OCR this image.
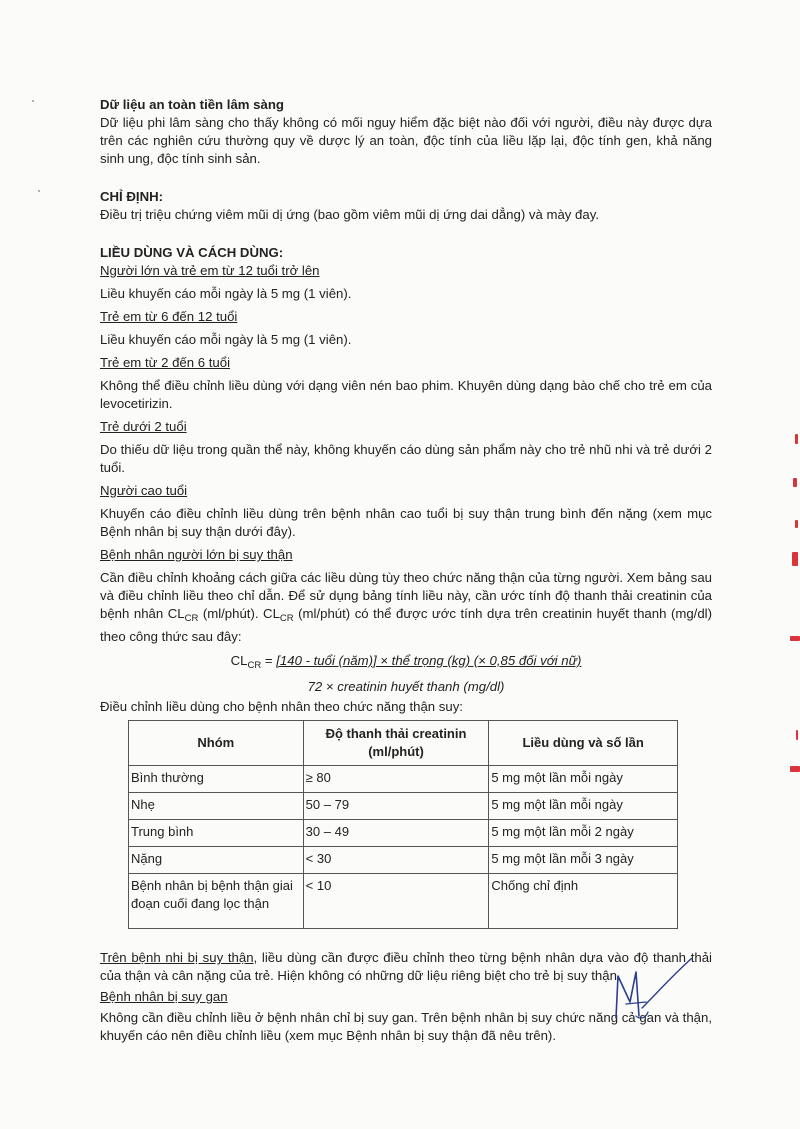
Dữ liệu an toàn tiền lâm sàng

Dữ liệu phi lâm sàng cho thấy không có mối nguy hiểm đặc biệt nào đối với người, điều này được dựa trên các nghiên cứu thường quy về dược lý an toàn, độc tính của liều lặp lại, độc tính gen, khả năng sinh ung, độc tính sinh sản.

CHỈ ĐỊNH:

Điều trị triệu chứng viêm mũi dị ứng (bao gồm viêm mũi dị ứng dai dẳng) và mày đay.

LIỀU DÙNG VÀ CÁCH DÙNG:

Người lớn và trẻ em từ 12 tuổi trở lên

Liều khuyến cáo mỗi ngày là 5 mg (1 viên).

Trẻ em từ 6 đến 12 tuổi

Liều khuyến cáo mỗi ngày là 5 mg (1 viên).

Trẻ em từ 2 đến 6 tuổi

Không thể điều chỉnh liều dùng với dạng viên nén bao phim. Khuyên dùng dạng bào chế cho trẻ em của levocetirizin.

Trẻ dưới 2 tuổi

Do thiếu dữ liệu trong quần thể này, không khuyến cáo dùng sản phẩm này cho trẻ nhũ nhi và trẻ dưới 2 tuổi.

Người cao tuổi

Khuyến cáo điều chỉnh liều dùng trên bệnh nhân cao tuổi bị suy thận trung bình đến nặng (xem mục Bệnh nhân bị suy thận dưới đây).

Bệnh nhân người lớn bị suy thận

Cần điều chỉnh khoảng cách giữa các liều dùng tùy theo chức năng thận của từng người. Xem bảng sau và điều chỉnh liều theo chỉ dẫn. Để sử dụng bảng tính liều này, cần ước tính độ thanh thải creatinin của bệnh nhân $CL_{CR}$ (ml/phút). $CL_{CR}$ (ml/phút) có thể được ước tính dựa trên creatinin huyết thanh (mg/dl) theo công thức sau đây:

$CL_{CR} = [140$ - tuổi (năm)] × thể trọng (kg) (× 0,85 đối với nữ)
72 × creatinin huyết thanh (mg/dl)

Điều chỉnh liều dùng cho bệnh nhân theo chức năng thận suy:

Nhóm	Độ thanh thải creatinin (ml/phút)	Liều dùng và số lần
Bình thường	≥ 80	5 mg một lần mỗi ngày
Nhẹ	50 – 79	5 mg một lần mỗi ngày
Trung bình	30 – 49	5 mg một lần mỗi 2 ngày
Nặng	< 30	5 mg một lần mỗi 3 ngày
Bệnh nhân bị bệnh thận giai đoạn cuối đang lọc thận	< 10	Chống chỉ định

Trên bệnh nhi bị suy thận, liều dùng cần được điều chỉnh theo từng bệnh nhân dựa vào độ thanh thải của thận và cân nặng của trẻ. Hiện không có những dữ liệu riêng biệt cho trẻ bị suy thận.

Bệnh nhân bị suy gan

Không cần điều chỉnh liều ở bệnh nhân chỉ bị suy gan. Trên bệnh nhân bị suy chức năng cả gan và thận, khuyến cáo nên điều chỉnh liều (xem mục Bệnh nhân bị suy thận đã nêu trên).
